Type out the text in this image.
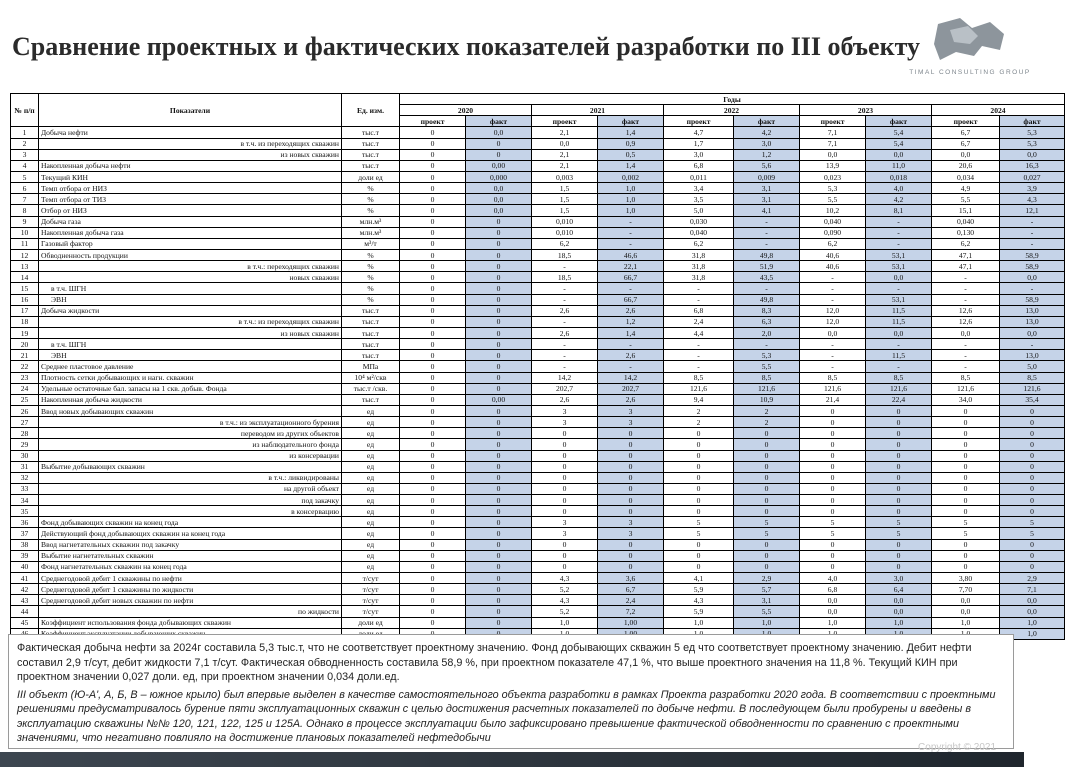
Сравнение проектных и фактических показателей разработки по III объекту
TIMAL CONSULTING GROUP
№ п/п	Показатели	Ед. изм.	Годы									
			2020		2021		2022		2023		2024	
			проект	факт	проект	факт	проект	факт	проект	факт	проект	факт
1	Добыча нефти	тыс.т	0	0,0	2,1	1,4	4,7	4,2	7,1	5,4	6,7	5,3
2	в т.ч. из переходящих скважин	тыс.т	0	0	0,0	0,9	1,7	3,0	7,1	5,4	6,7	5,3
3	из новых скважин	тыс.т	0	0	2,1	0,5	3,0	1,2	0,0	0,0	0,0	0,0
4	Накопленная добыча нефти	тыс.т	0	0,00	2,1	1,4	6,8	5,6	13,9	11,0	20,6	16,3
5	Текущий КИН	доли ед	0	0,000	0,003	0,002	0,011	0,009	0,023	0,018	0,034	0,027
6	Темп отбора от НИЗ	%	0	0,0	1,5	1,0	3,4	3,1	5,3	4,0	4,9	3,9
7	Темп отбора от ТИЗ	%	0	0,0	1,5	1,0	3,5	3,1	5,5	4,2	5,5	4,3
8	Отбор от НИЗ	%	0	0,0	1,5	1,0	5,0	4,1	10,2	8,1	15,1	12,1
9	Добыча газа	млн.м³	0	0	0,010	-	0,030	-	0,040	-	0,040	-
10	Накопленная добыча газа	млн.м³	0	0	0,010	-	0,040	-	0,090	-	0,130	-
11	Газовый фактор	м³/т	0	0	6,2	-	6,2	-	6,2	-	6,2	-
12	Обводненность продукции	%	0	0	18,5	46,6	31,8	49,8	40,6	53,1	47,1	58,9
13	в т.ч.: переходящих скважин	%	0	0	-	22,1	31,8	51,9	40,6	53,1	47,1	58,9
14	новых скважин	%	0	0	18,5	66,7	31,8	43,5	-	0,0	-	0,0
15	в т.ч. ШГН	%	0	0	-	-	-	-	-	-	-	-
16	ЭВН	%	0	0	-	66,7	-	49,8	-	53,1	-	58,9
17	Добыча жидкости	тыс.т	0	0	2,6	2,6	6,8	8,3	12,0	11,5	12,6	13,0
18	в т.ч.: из переходящих скважин	тыс.т	0	0	-	1,2	2,4	6,3	12,0	11,5	12,6	13,0
19	из новых скважин	тыс.т	0	0	2,6	1,4	4,4	2,0	0,0	0,0	0,0	0,0
20	в т.ч. ШГН	тыс.т	0	0	-	-	-	-	-	-	-	-
21	ЭВН	тыс.т	0	0	-	2,6	-	5,3	-	11,5	-	13,0
22	Среднее пластовое давление	МПа	0	0	-	-	-	5,5	-	-	-	5,0
23	Плотность сетки добывающих и нагн. скважин	10⁴ м²/скв	0	0	14,2	14,2	8,5	8,5	8,5	8,5	8,5	8,5
24	Удельные остаточные бал. запасы на 1 скв. добыв. Фонда	тыс.т /скв.	0	0	202,7	202,7	121,6	121,6	121,6	121,6	121,6	121,6
25	Накопленная добыча жидкости	тыс.т	0	0,00	2,6	2,6	9,4	10,9	21,4	22,4	34,0	35,4
26	Ввод новых добывающих скважин	ед	0	0	3	3	2	2	0	0	0	0
27	в т.ч.: из эксплуатационного бурения	ед	0	0	3	3	2	2	0	0	0	0
28	переводом из других объектов	ед	0	0	0	0	0	0	0	0	0	0
29	из наблюдательного фонда	ед	0	0	0	0	0	0	0	0	0	0
30	из консервации	ед	0	0	0	0	0	0	0	0	0	0
31	Выбытие добывающих скважин	ед	0	0	0	0	0	0	0	0	0	0
32	в т.ч.: ликвидированы	ед	0	0	0	0	0	0	0	0	0	0
33	на другой объект	ед	0	0	0	0	0	0	0	0	0	0
34	под закачку	ед	0	0	0	0	0	0	0	0	0	0
35	в консервацию	ед	0	0	0	0	0	0	0	0	0	0
36	Фонд добывающих скважин на конец года	ед	0	0	3	3	5	5	5	5	5	5
37	Действующий фонд добывающих скважин на конец года	ед	0	0	3	3	5	5	5	5	5	5
38	Ввод нагнетательных скважин под закачку	ед	0	0	0	0	0	0	0	0	0	0
39	Выбытие нагнетательных скважин	ед	0	0	0	0	0	0	0	0	0	0
40	Фонд нагнетательных скважин на конец года	ед	0	0	0	0	0	0	0	0	0	0
41	Среднегодовой дебит 1 скважины по нефти	т/сут	0	0	4,3	3,6	4,1	2,9	4,0	3,0	3,80	2,9
42	Среднегодовой дебит 1 скважины по жидкости	т/сут	0	0	5,2	6,7	5,9	5,7	6,8	6,4	7,70	7,1
43	Среднегодовой дебит новых скважин по нефти	т/сут	0	0	4,3	2,4	4,3	3,1	0,0	0,0	0,0	0,0
44	по жидкости	т/сут	0	0	5,2	7,2	5,9	5,5	0,0	0,0	0,0	0,0
45	Коэффициент использования фонда добывающих скважин	доли ед	0	0	1,0	1,00	1,0	1,0	1,0	1,0	1,0	1,0
												1,0

Фактическая добыча нефти за 2024г составила 5,3 тыс.т, что не соответствует проектному значению. Фонд добывающих скважин 5 ед что соответствует проектному значению. Дебит нефти составил 2,9 т/сут, дебит жидкости 7,1 т/сут. Фактическая обводненность составила 58,9 %, при проектном показателе 47,1 %, что выше проектного значения на 11,8 %. Текущий КИН при проектном значении 0,027 доли. ед, при проектном значении 0,034 доли.ед.

III объект (Ю-А', А, Б, В – южное крыло) был впервые выделен в качестве самостоятельного объекта разработки в рамках Проекта разработки 2020 года. В соответствии с проектными решениями предусматривалось бурение пяти эксплуатационных скважин с целью достижения расчетных показателей по добыче нефти. В последующем были пробурены и введены в эксплуатацию скважины №№ 120, 121, 122, 125 и 125А. Однако в процессе эксплуатации было зафиксировано превышение фактической обводненности по сравнению с проектными значениями, что негативно повлияло на достижение плановых показателей нефтедобычи

Copyright © 2021
